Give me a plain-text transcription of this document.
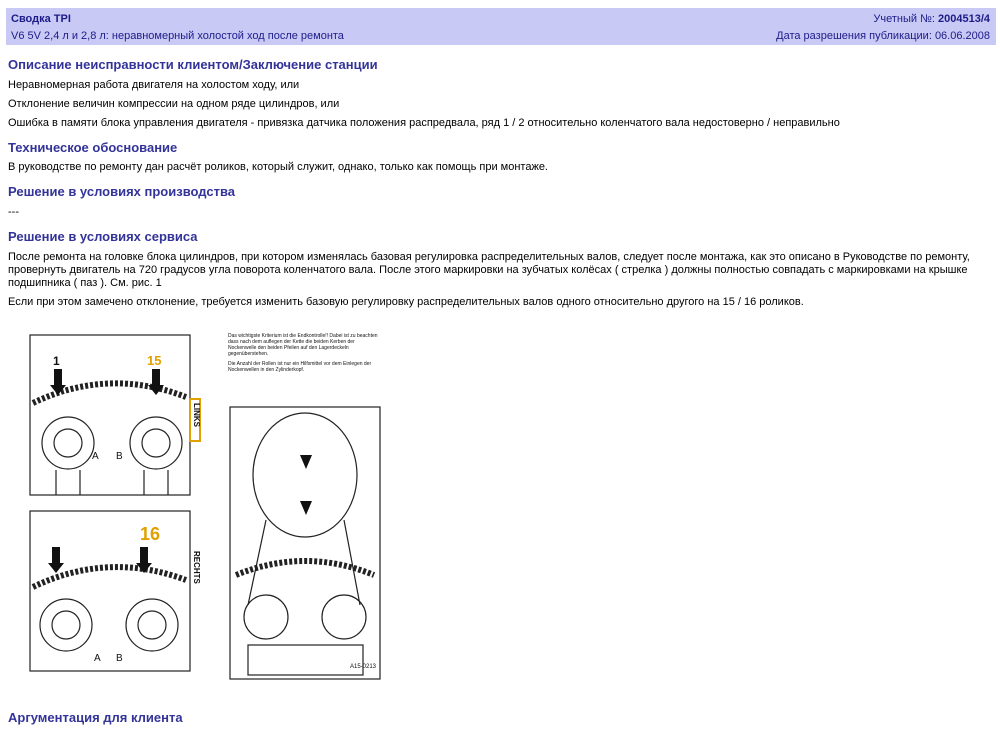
Сводка TPI
V6 5V 2,4 л и 2,8 л: неравномерный холостой ход после ремонта
Учетный №: 2004513/4
Дата разрешения публикации: 06.06.2008
Описание неисправности клиентом/Заключение станции

Неравномерная работа двигателя на холостом ходу, или

Отклонение величин компрессии на одном ряде цилиндров, или

Ошибка в памяти блока управления двигателя - привязка датчика положения распредвала, ряд 1 / 2 относительно коленчатого вала недостоверно / неправильно

Техническое обоснование

В руководстве по ремонту дан расчёт роликов, который служит, однако, только как помощь при монтаже.

Решение в условиях производства

---

Решение в условиях сервиса

После ремонта на головке блока цилиндров, при котором изменялась базовая регулировка распределительных валов, следует после монтажа, как это описано в Руководстве по ремонту, провернуть двигатель на 720 градусов угла поворота коленчатого вала. После этого маркировки на зубчатых колёсах ( стрелка ) должны полностью совпадать с маркировками на крышке подшипника ( паз ). См. рис. 1

Если при этом замечено отклонение, требуется изменить базовую регулировку распределительных валов одного относительно другого на 15 / 16 роликов.

1	15
16
A B
A B
LINKS
RECHTS
Das wichtigste Kriterium ist die Endkontrolle!! Dabei ist zu beachten dass nach dem auflegen der Kette die beiden Kerben der Nockenwelle den beiden Pfeilen auf den Lagerdeckeln gegenüberstehen.
Die Anzahl der Rollen ist nur ein Hilfsmittel vor dem Einlegen der Nockenwellen in den Zylinderkopf.
A15-0213
Аргументация для клиента
